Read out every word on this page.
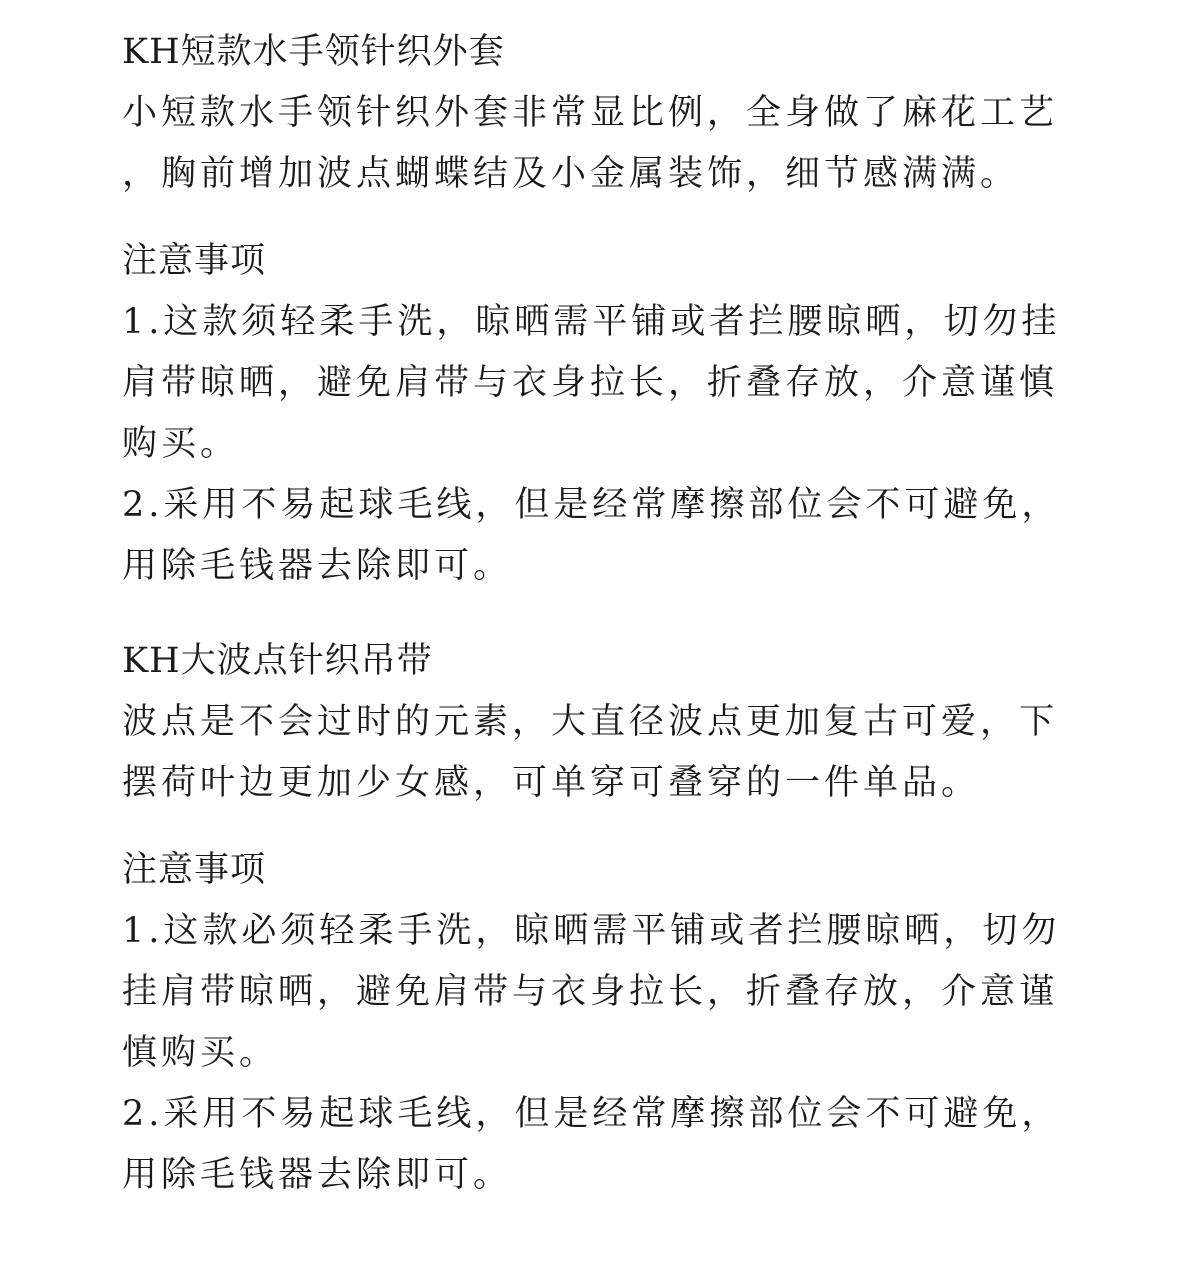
KH短款水手领针织外套
小短款水手领针织外套非常显比例，全身做了麻花工艺
，胸前增加波点蝴蝶结及小金属装饰，细节感满满。
注意事项
1.这款须轻柔手洗，晾晒需平铺或者拦腰晾晒，切勿挂
肩带晾晒，避免肩带与衣身拉长，折叠存放，介意谨慎
购买。
2.采用不易起球毛线，但是经常摩擦部位会不可避免，
用除毛钱器去除即可。
KH大波点针织吊带
波点是不会过时的元素，大直径波点更加复古可爱，下
摆荷叶边更加少女感，可单穿可叠穿的一件单品。
注意事项
1.这款必须轻柔手洗，晾晒需平铺或者拦腰晾晒，切勿
挂肩带晾晒，避免肩带与衣身拉长，折叠存放，介意谨
慎购买。
2.采用不易起球毛线，但是经常摩擦部位会不可避免，
用除毛钱器去除即可。
